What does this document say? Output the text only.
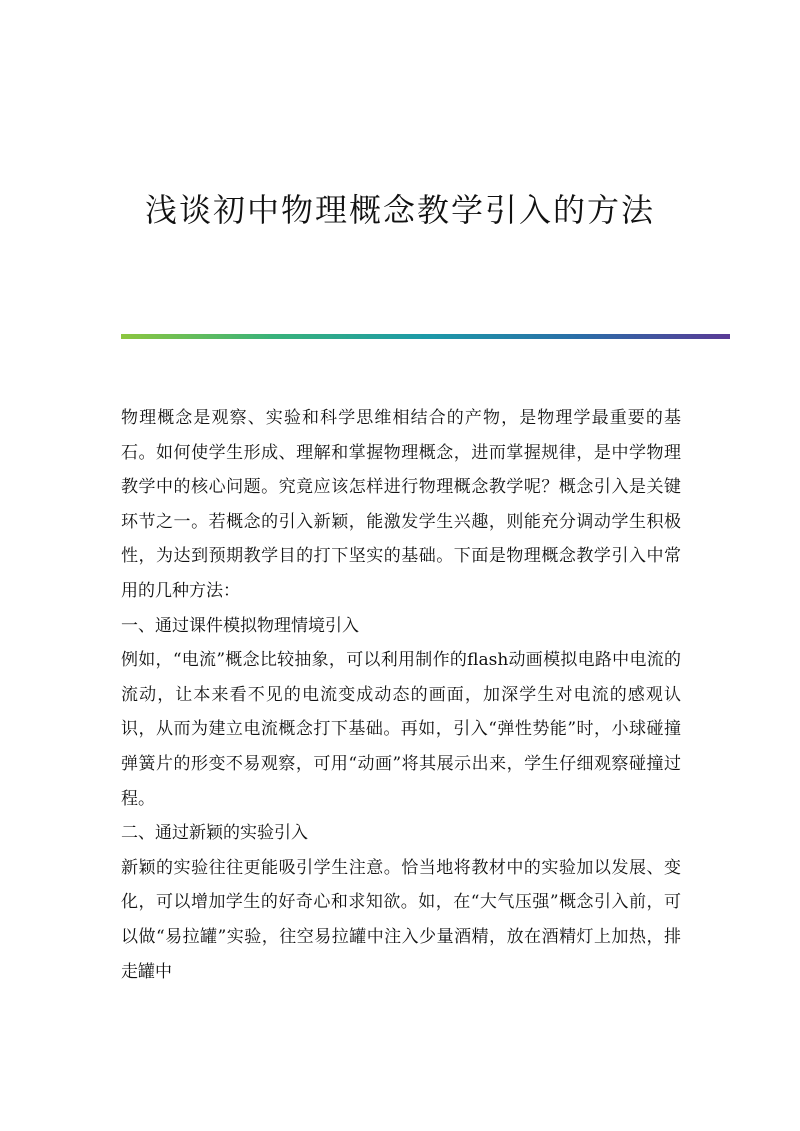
浅谈初中物理概念教学引入的方法

物理概念是观察、实验和科学思维相结合的产物，是物理学最重要的基石。如何使学生形成、理解和掌握物理概念，进而掌握规律，是中学物理教学中的核心问题。究竟应该怎样进行物理概念教学呢？概念引入是关键环节之一。若概念的引入新颖，能激发学生兴趣，则能充分调动学生积极性，为达到预期教学目的打下坚实的基础。下面是物理概念教学引入中常用的几种方法：

一、通过课件模拟物理情境引入

例如，“电流”概念比较抽象，可以利用制作的flash动画模拟电路中电流的流动，让本来看不见的电流变成动态的画面，加深学生对电流的感观认识，从而为建立电流概念打下基础。再如，引入“弹性势能”时，小球碰撞弹簧片的形变不易观察，可用“动画”将其展示出来，学生仔细观察碰撞过程。

二、通过新颖的实验引入

新颖的实验往往更能吸引学生注意。恰当地将教材中的实验加以发展、变化，可以增加学生的好奇心和求知欲。如，在“大气压强”概念引入前，可以做“易拉罐”实验，往空易拉罐中注入少量酒精，放在酒精灯上加热，排走罐中
